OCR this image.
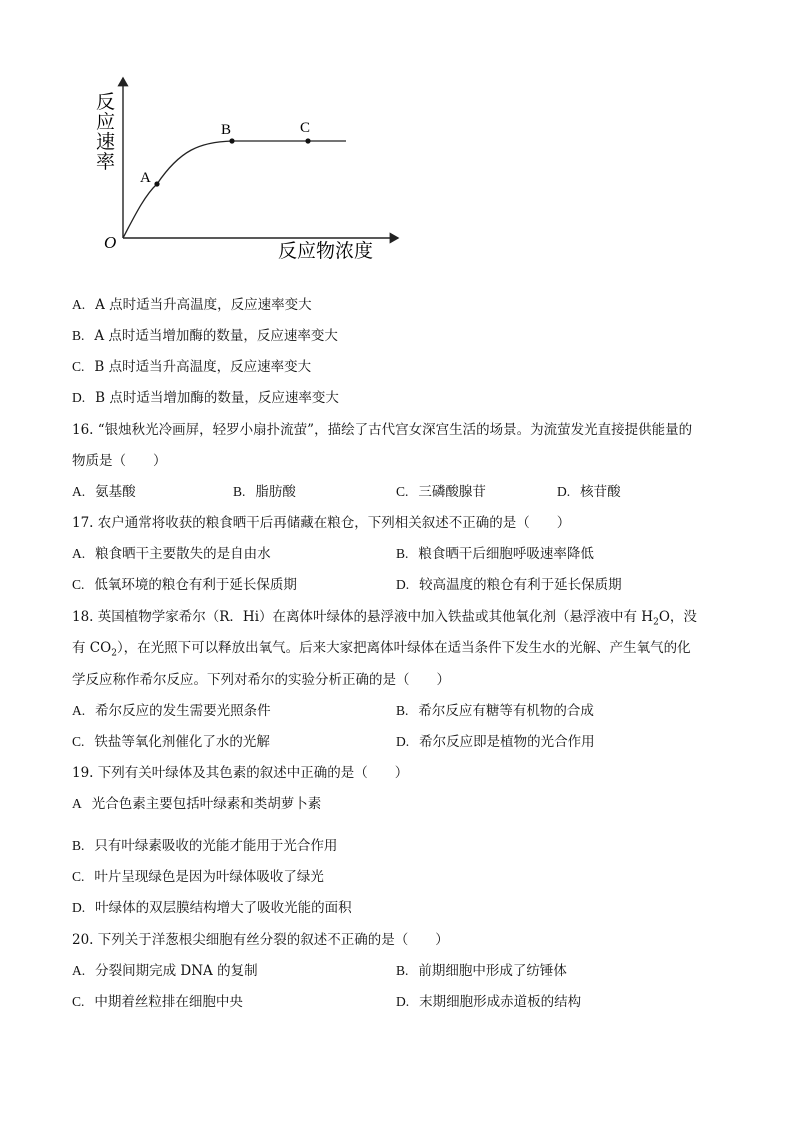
A
B	C
O
反
应
速
率
反应物浓度
A. A 点时适当升高温度，反应速率变大
B. A 点时适当增加酶的数量，反应速率变大
C. B 点时适当升高温度，反应速率变大
D. B 点时适当增加酶的数量，反应速率变大
16. “银烛秋光冷画屏，轻罗小扇扑流萤”，描绘了古代宫女深宫生活的场景。为流萤发光直接提供能量的
物质是（　　）
A. 氨基酸	B. 脂肪酸	C. 三磷酸腺苷	D. 核苷酸
17. 农户通常将收获的粮食晒干后再储藏在粮仓，下列相关叙述不正确的是（　　）
A. 粮食晒干主要散失的是自由水	B. 粮食晒干后细胞呼吸速率降低
C. 低氧环境的粮仓有利于延长保质期	D. 较高温度的粮仓有利于延长保质期
18. 英国植物学家希尔（R．Hi）在离体叶绿体的悬浮液中加入铁盐或其他氧化剂（悬浮液中有 $H_2O$，没
有 $CO_2$），在光照下可以释放出氧气。后来大家把离体叶绿体在适当条件下发生水的光解、产生氧气的化
学反应称作希尔反应。下列对希尔的实验分析正确的是（　　）
A. 希尔反应的发生需要光照条件	B. 希尔反应有糖等有机物的合成
C. 铁盐等氧化剂催化了水的光解	D. 希尔反应即是植物的光合作用
19. 下列有关叶绿体及其色素的叙述中正确的是（　　）
A 光合色素主要包括叶绿素和类胡萝卜素
B. 只有叶绿素吸收的光能才能用于光合作用
C. 叶片呈现绿色是因为叶绿体吸收了绿光
D. 叶绿体的双层膜结构增大了吸收光能的面积
20. 下列关于洋葱根尖细胞有丝分裂的叙述不正确的是（　　）
A. 分裂间期完成 DNA 的复制	B. 前期细胞中形成了纺锤体
C. 中期着丝粒排在细胞中央	D. 末期细胞形成赤道板的结构
